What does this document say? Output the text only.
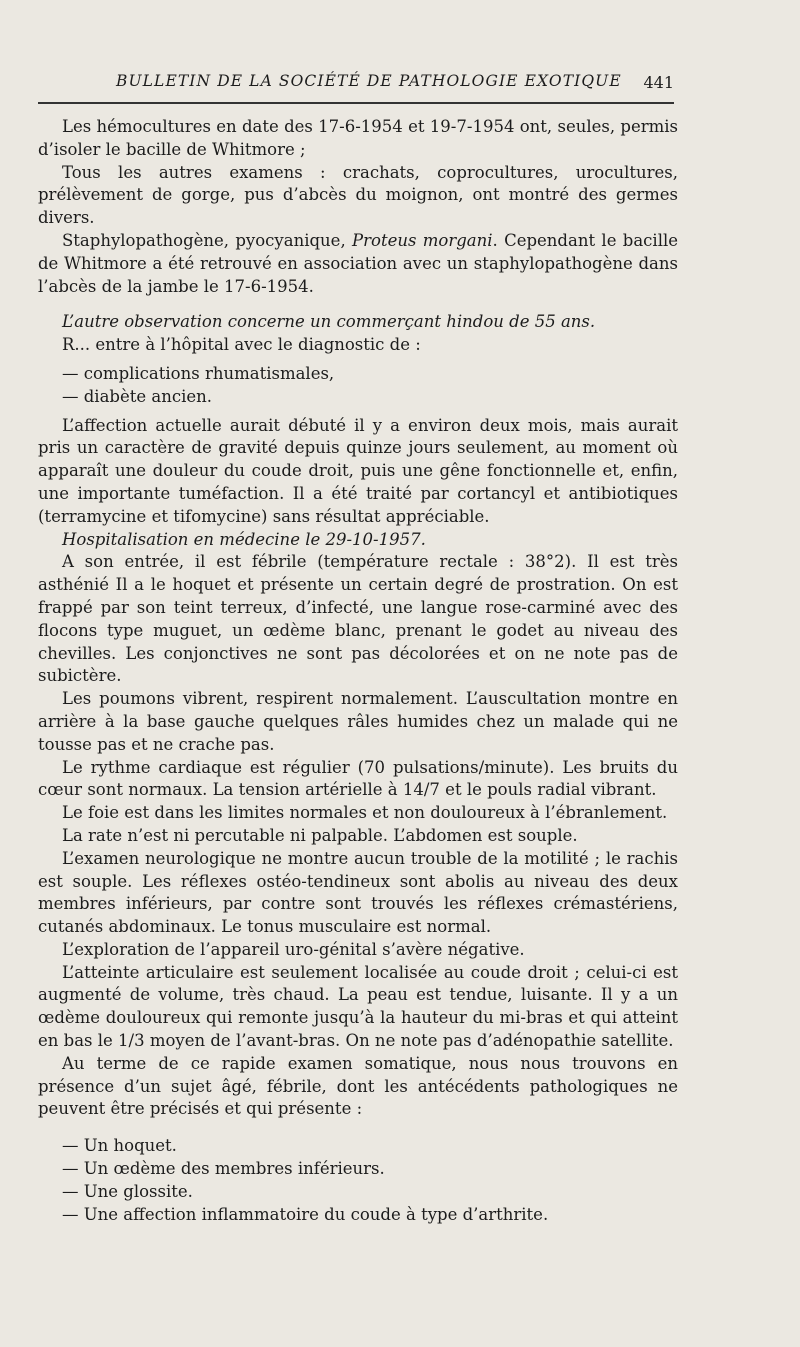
BULLETIN DE LA SOCIÉTÉ DE PATHOLOGIE EXOTIQUE 441

Les hémocultures en date des 17-6-1954 et 19-7-1954 ont, seules, permis d’isoler le bacille de Whitmore ;

Tous les autres examens : crachats, coprocultures, urocultures, prélèvement de gorge, pus d’abcès du moignon, ont montré des germes divers.

Staphylopathogène, pyocyanique, Proteus morgani. Cependant le bacille de Whitmore a été retrouvé en association avec un staphylopathogène dans l’abcès de la jambe le 17-6-1954.

L’autre observation concerne un commerçant hindou de 55 ans.

R... entre à l’hôpital avec le diagnostic de :

— complications rhumatismales,

— diabète ancien.

L’affection actuelle aurait débuté il y a environ deux mois, mais aurait pris un caractère de gravité depuis quinze jours seulement, au moment où apparaît une douleur du coude droit, puis une gêne fonctionnelle et, enfin, une importante tuméfaction. Il a été traité par cortancyl et antibiotiques (terramycine et tifomycine) sans résultat appréciable.

Hospitalisation en médecine le 29-10-1957.

A son entrée, il est fébrile (température rectale : 38°2). Il est très asthénié Il a le hoquet et présente un certain degré de prostration. On est frappé par son teint terreux, d’infecté, une langue rose-carminé avec des flocons type muguet, un œdème blanc, prenant le godet au niveau des chevilles. Les conjonctives ne sont pas décolorées et on ne note pas de subictère.

Les poumons vibrent, respirent normalement. L’auscultation montre en arrière à la base gauche quelques râles humides chez un malade qui ne tousse pas et ne crache pas.

Le rythme cardiaque est régulier (70 pulsations/minute). Les bruits du cœur sont normaux. La tension artérielle à 14/7 et le pouls radial vibrant.

Le foie est dans les limites normales et non douloureux à l’ébranlement.

La rate n’est ni percutable ni palpable. L’abdomen est souple.

L’examen neurologique ne montre aucun trouble de la motilité ; le rachis est souple. Les réflexes ostéo-tendineux sont abolis au niveau des deux membres inférieurs, par contre sont trouvés les réflexes crémastériens, cutanés abdominaux. Le tonus musculaire est normal.

L’exploration de l’appareil uro-génital s’avère négative.

L’atteinte articulaire est seulement localisée au coude droit ; celui-ci est augmenté de volume, très chaud. La peau est tendue, luisante. Il y a un œdème douloureux qui remonte jusqu’à la hauteur du mi-bras et qui atteint en bas le 1/3 moyen de l’avant-bras. On ne note pas d’adénopathie satellite.

Au terme de ce rapide examen somatique, nous nous trouvons en présence d’un sujet âgé, fébrile, dont les antécédents pathologiques ne peuvent être précisés et qui présente :

— Un hoquet.

— Un œdème des membres inférieurs.

— Une glossite.

— Une affection inflammatoire du coude à type d’arthrite.
